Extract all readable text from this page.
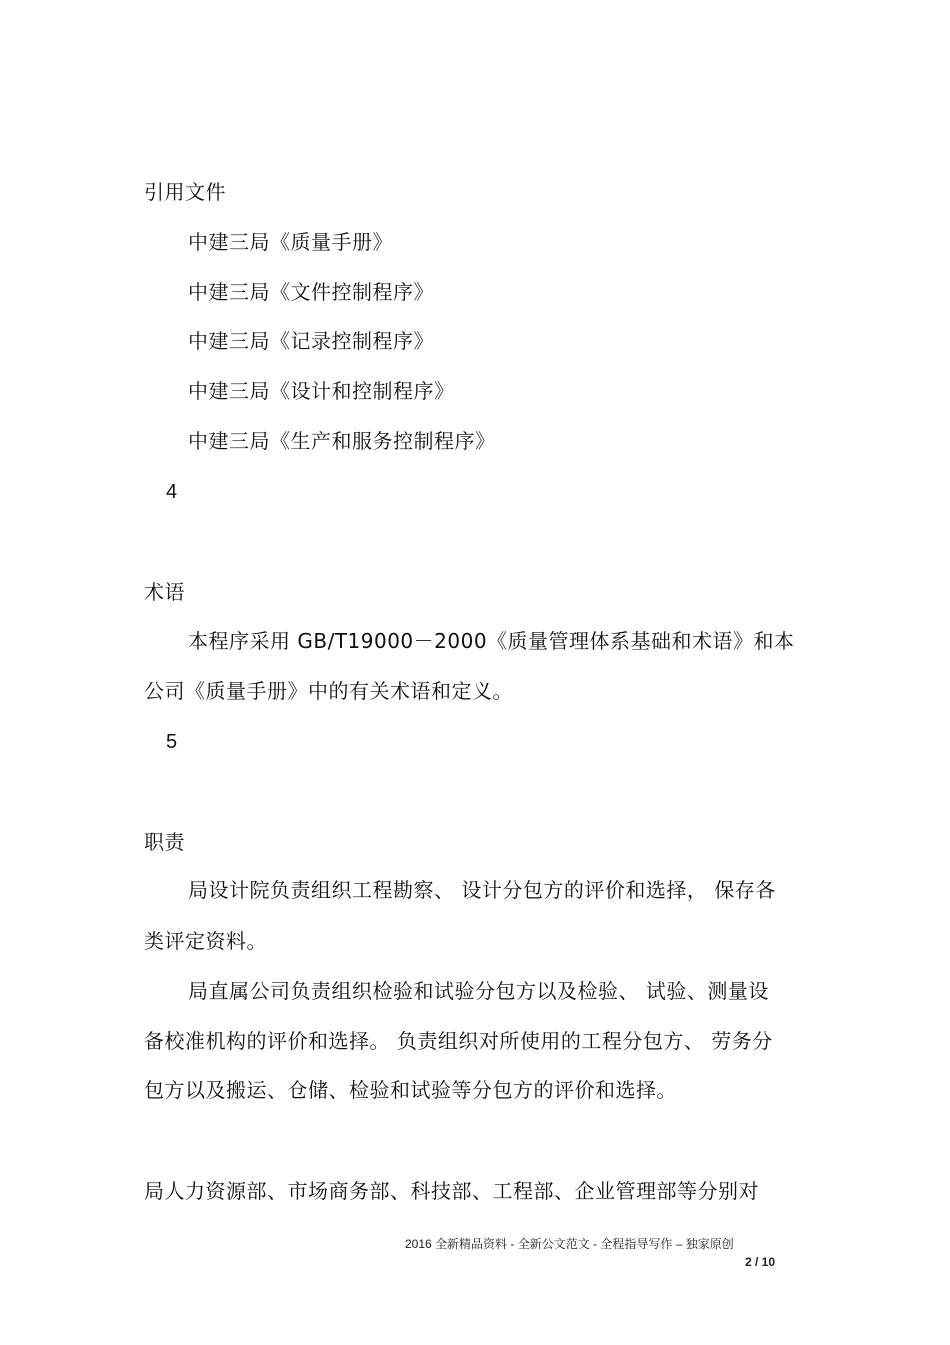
引用文件
中建三局《质量手册》
中建三局《文件控制程序》
中建三局《记录控制程序》
中建三局《设计和控制程序》
中建三局《生产和服务控制程序》
4
术语
本程序采用 GB/T19000－2000《质量管理体系基础和术语》和本
公司《质量手册》中的有关术语和定义。
5
职责
局设计院负责组织工程勘察、 设计分包方的评价和选择， 保存各
类评定资料。
局直属公司负责组织检验和试验分包方以及检验、 试验、测量设
备校准机构的评价和选择。 负责组织对所使用的工程分包方、 劳务分
包方以及搬运、仓储、检验和试验等分包方的评价和选择。
局人力资源部、市场商务部、科技部、工程部、企业管理部等分别对
2016 全新精品资料 - 全新公文范文 - 全程指导写作 – 独家原创
2 / 10
